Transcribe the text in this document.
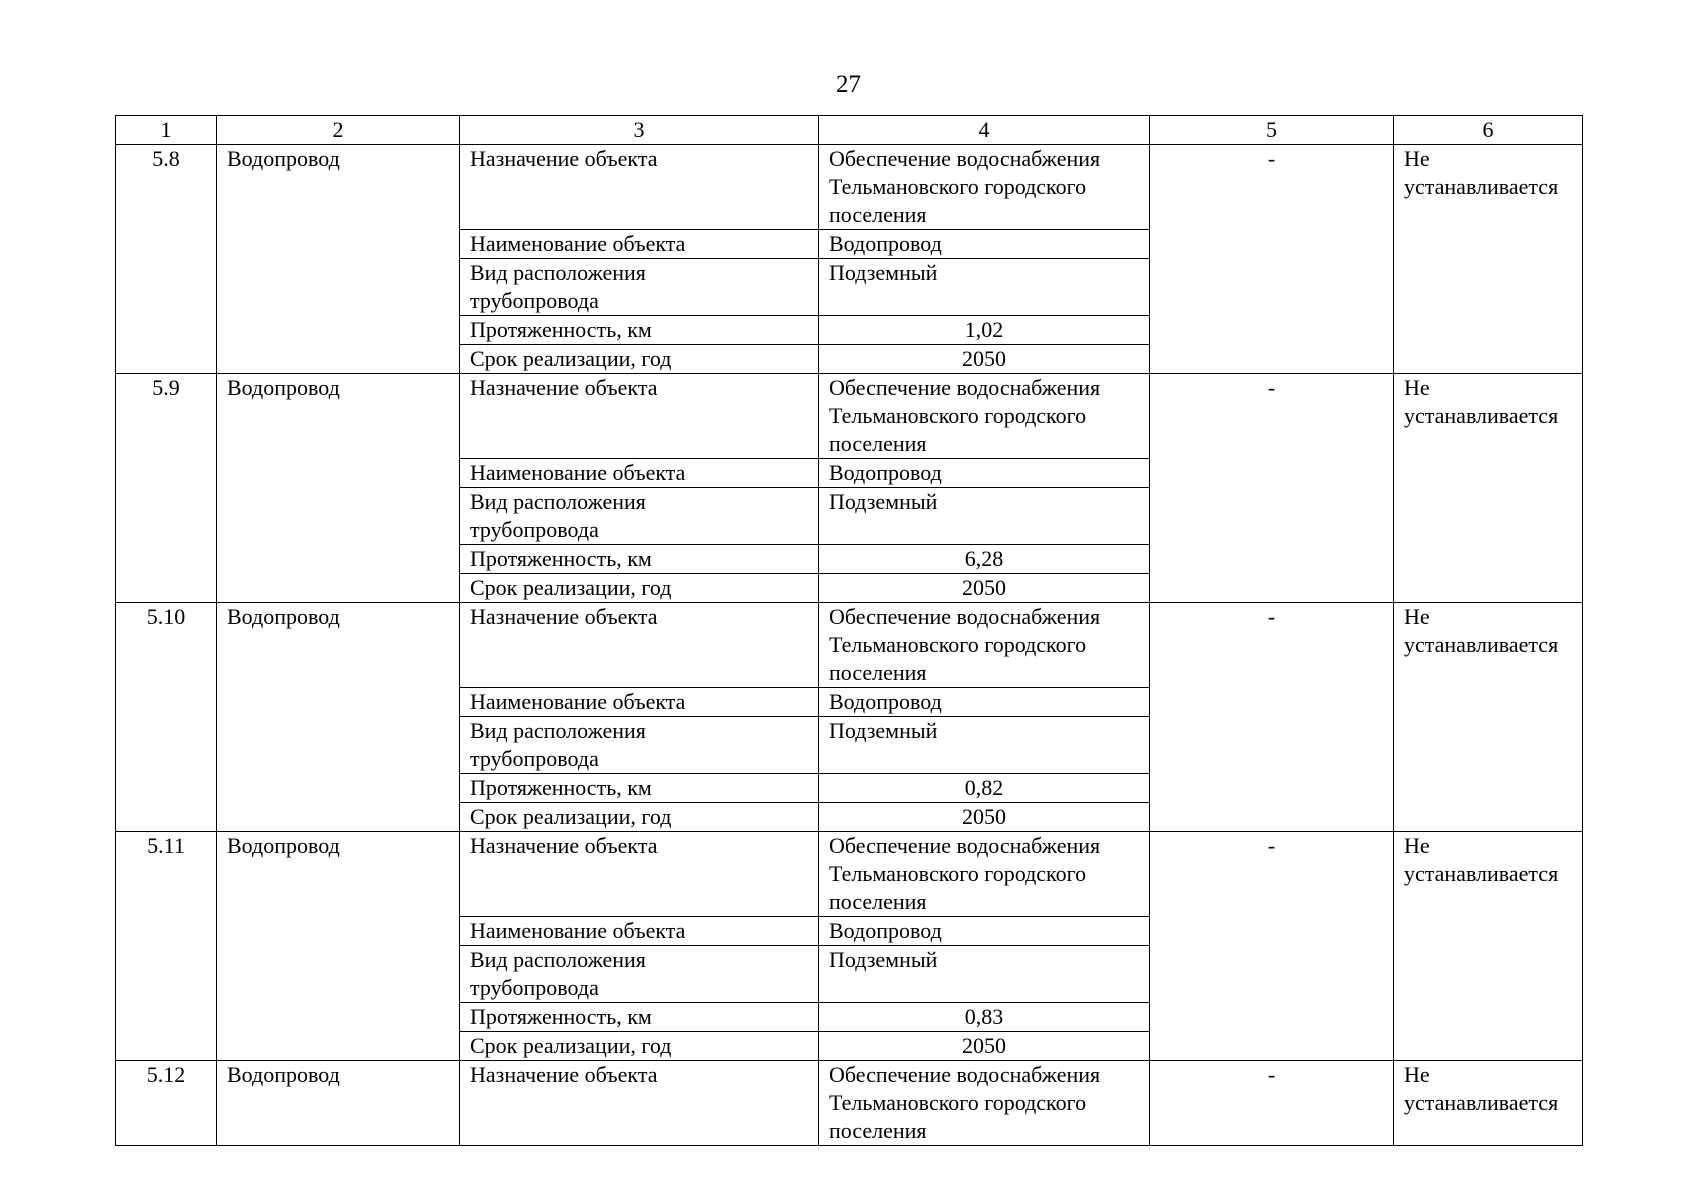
27
1	2	3	4	5	6
5.8	Водопровод	Назначение объекта	Обеспечение водоснабжения
Тельмановского городского
поселения	-	Не
устанавливается
		Наименование объекта	Водопровод		
		Вид расположения
трубопровода	Подземный		
		Протяженность, км	1,02		
		Срок реализации, год	2050		
5.9	Водопровод	Назначение объекта	Обеспечение водоснабжения
Тельмановского городского
поселения	-	Не
устанавливается
		Наименование объекта	Водопровод		
		Вид расположения
трубопровода	Подземный		
		Протяженность, км	6,28		
		Срок реализации, год	2050		
5.10	Водопровод	Назначение объекта	Обеспечение водоснабжения
Тельмановского городского
поселения	-	Не
устанавливается
		Наименование объекта	Водопровод		
		Вид расположения
трубопровода	Подземный		
		Протяженность, км	0,82		
		Срок реализации, год	2050		
5.11	Водопровод	Назначение объекта	Обеспечение водоснабжения
Тельмановского городского
поселения	-	Не
устанавливается
		Наименование объекта	Водопровод		
		Вид расположения
трубопровода	Подземный		
		Протяженность, км	0,83		
		Срок реализации, год	2050		
5.12	Водопровод	Назначение объекта	Обеспечение водоснабжения
Тельмановского городского
поселения	-	Не
устанавливается
